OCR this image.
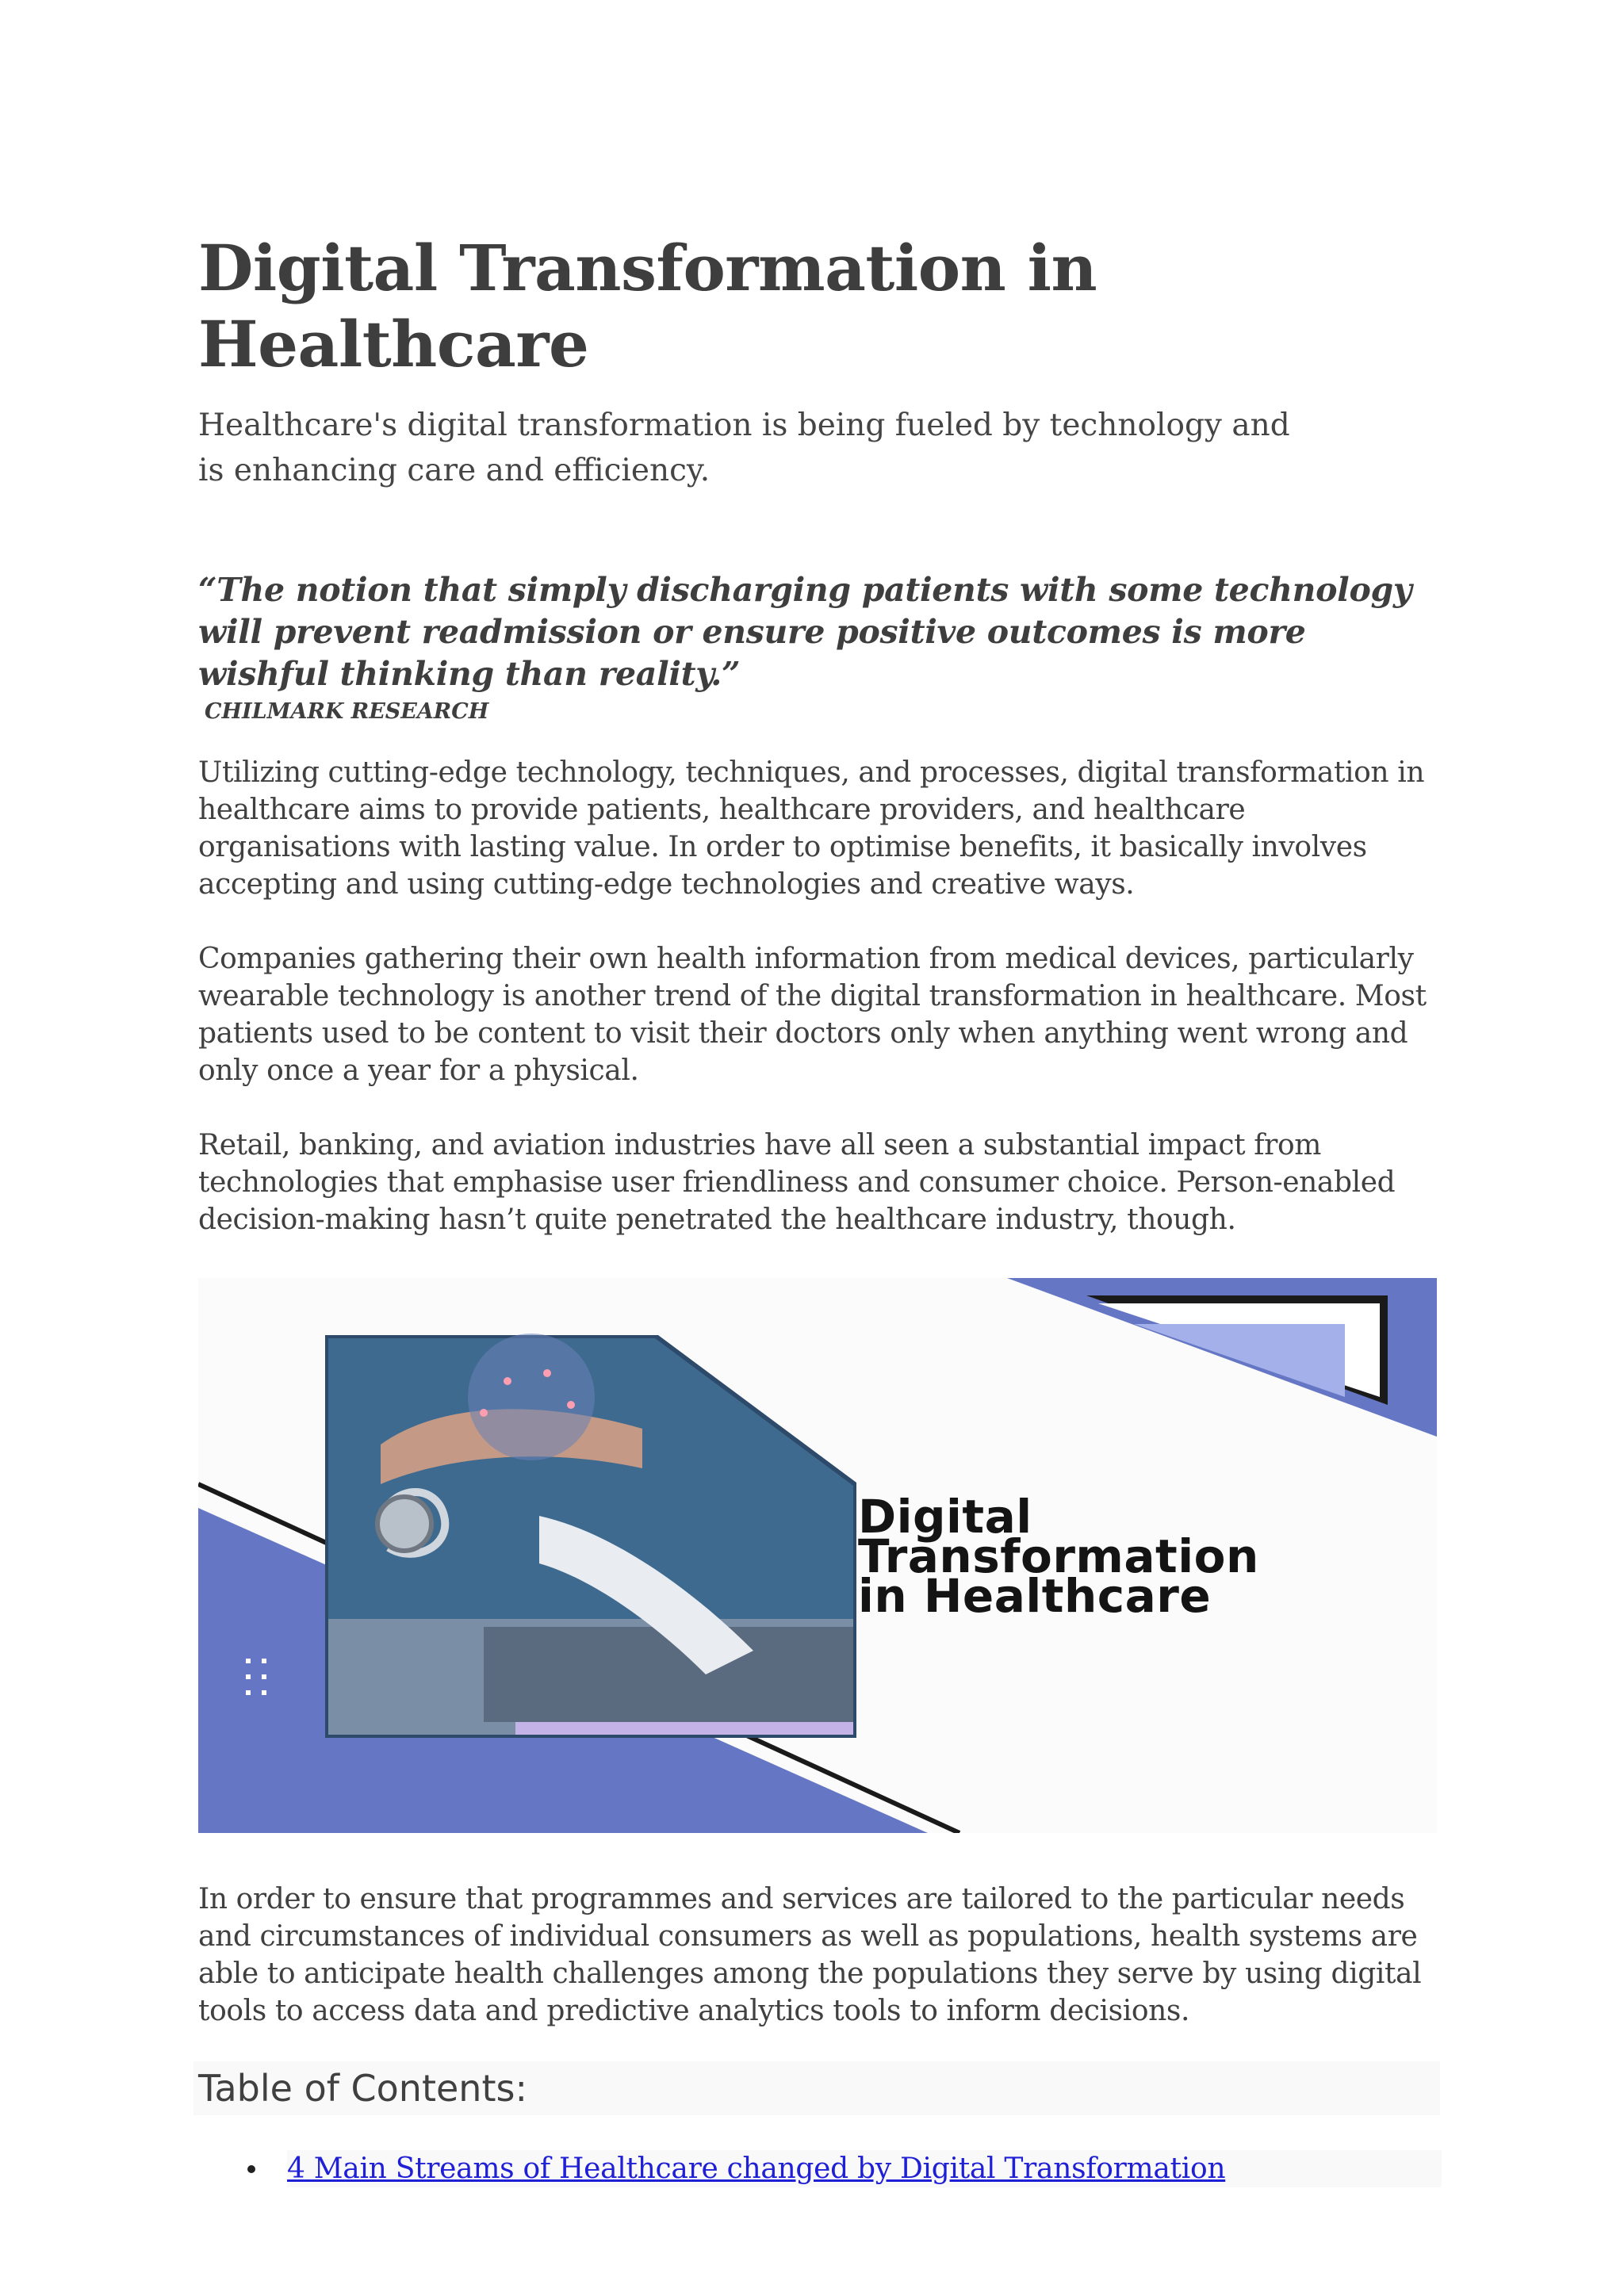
Digital Transformation in Healthcare

Healthcare's digital transformation is being fueled by technology and is enhancing care and efficiency.

“The notion that simply discharging patients with some technology will prevent readmission or ensure positive outcomes is more wishful thinking than reality.”

CHILMARK RESEARCH

Utilizing cutting-edge technology, techniques, and processes, digital transformation in healthcare aims to provide patients, healthcare providers, and healthcare organisations with lasting value. In order to optimise benefits, it basically involves accepting and using cutting-edge technologies and creative ways.

Companies gathering their own health information from medical devices, particularly wearable technology is another trend of the digital transformation in healthcare. Most patients used to be content to visit their doctors only when anything went wrong and only once a year for a physical.

Retail, banking, and aviation industries have all seen a substantial impact from technologies that emphasise user friendliness and consumer choice. Person-enabled decision-making hasn’t quite penetrated the healthcare industry, though.

Digital
Transformation
in Healthcare

In order to ensure that programmes and services are tailored to the particular needs and circumstances of individual consumers as well as populations, health systems are able to anticipate health challenges among the populations they serve by using digital tools to access data and predictive analytics tools to inform decisions.

Table of Contents:
4 Main Streams of Healthcare changed by Digital Transformation
